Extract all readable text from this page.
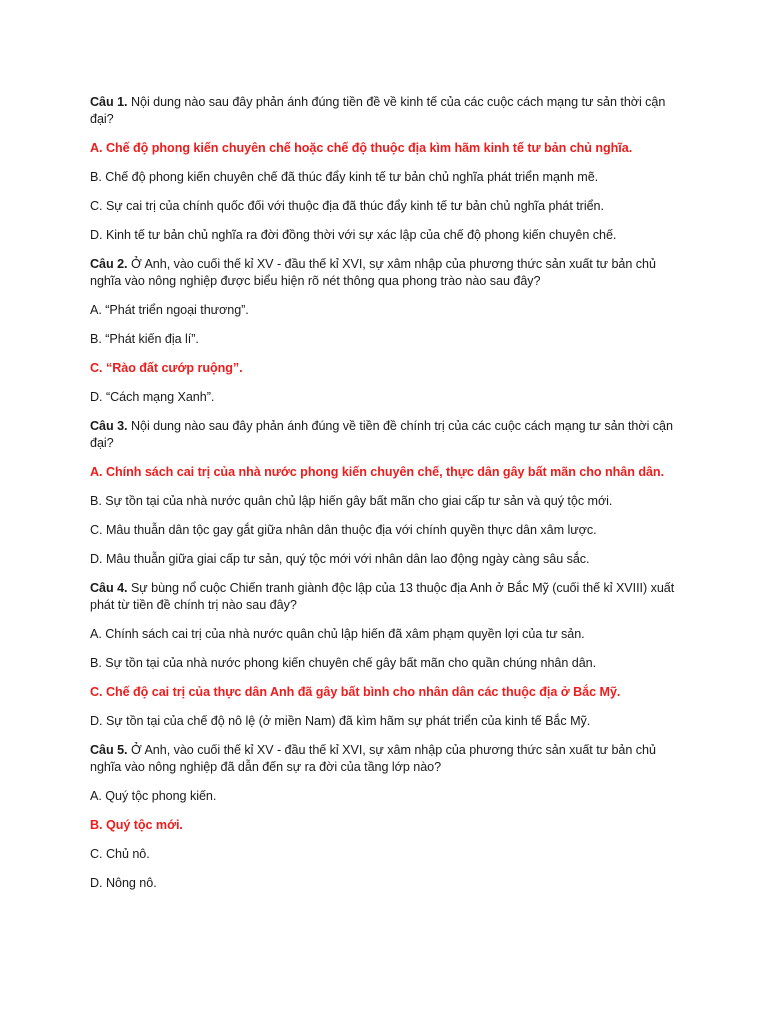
Câu 1. Nội dung nào sau đây phản ánh đúng tiền đề về kinh tế của các cuộc cách mạng tư sản thời cận đại?

A. Chế độ phong kiến chuyên chế hoặc chế độ thuộc địa kìm hãm kinh tế tư bản chủ nghĩa.

B. Chế độ phong kiến chuyên chế đã thúc đẩy kinh tế tư bản chủ nghĩa phát triển mạnh mẽ.

C. Sự cai trị của chính quốc đối với thuộc địa đã thúc đẩy kinh tế tư bản chủ nghĩa phát triển.

D. Kinh tế tư bản chủ nghĩa ra đời đồng thời với sự xác lập của chế độ phong kiến chuyên chế.

Câu 2. Ở Anh, vào cuối thế kỉ XV - đầu thế kỉ XVI, sự xâm nhập của phương thức sản xuất tư bản chủ nghĩa vào nông nghiệp được biểu hiện rõ nét thông qua phong trào nào sau đây?

A. “Phát triển ngoại thương”.

B. “Phát kiến địa lí”.

C. “Rào đất cướp ruộng”.

D. “Cách mạng Xanh”.

Câu 3. Nội dung nào sau đây phản ánh đúng về tiền đề chính trị của các cuộc cách mạng tư sản thời cận đại?

A. Chính sách cai trị của nhà nước phong kiến chuyên chế, thực dân gây bất mãn cho nhân dân.

B. Sự tồn tại của nhà nước quân chủ lập hiến gây bất mãn cho giai cấp tư sản và quý tộc mới.

C. Mâu thuẫn dân tộc gay gắt giữa nhân dân thuộc địa với chính quyền thực dân xâm lược.

D. Mâu thuẫn giữa giai cấp tư sản, quý tộc mới với nhân dân lao động ngày càng sâu sắc.

Câu 4. Sự bùng nổ cuộc Chiến tranh giành độc lập của 13 thuộc địa Anh ở Bắc Mỹ (cuối thế kỉ XVIII) xuất phát từ tiền đề chính trị nào sau đây?

A. Chính sách cai trị của nhà nước quân chủ lập hiến đã xâm phạm quyền lợi của tư sản.

B. Sự tồn tại của nhà nước phong kiến chuyên chế gây bất mãn cho quần chúng nhân dân.

C. Chế độ cai trị của thực dân Anh đã gây bất bình cho nhân dân các thuộc địa ở Bắc Mỹ.

D. Sự tồn tại của chế độ nô lệ (ở miền Nam) đã kìm hãm sự phát triển của kinh tế Bắc Mỹ.

Câu 5. Ở Anh, vào cuối thế kỉ XV - đầu thế kỉ XVI, sự xâm nhập của phương thức sản xuất tư bản chủ nghĩa vào nông nghiệp đã dẫn đến sự ra đời của tầng lớp nào?

A. Quý tộc phong kiến.

B. Quý tộc mới.

C. Chủ nô.

D. Nông nô.
